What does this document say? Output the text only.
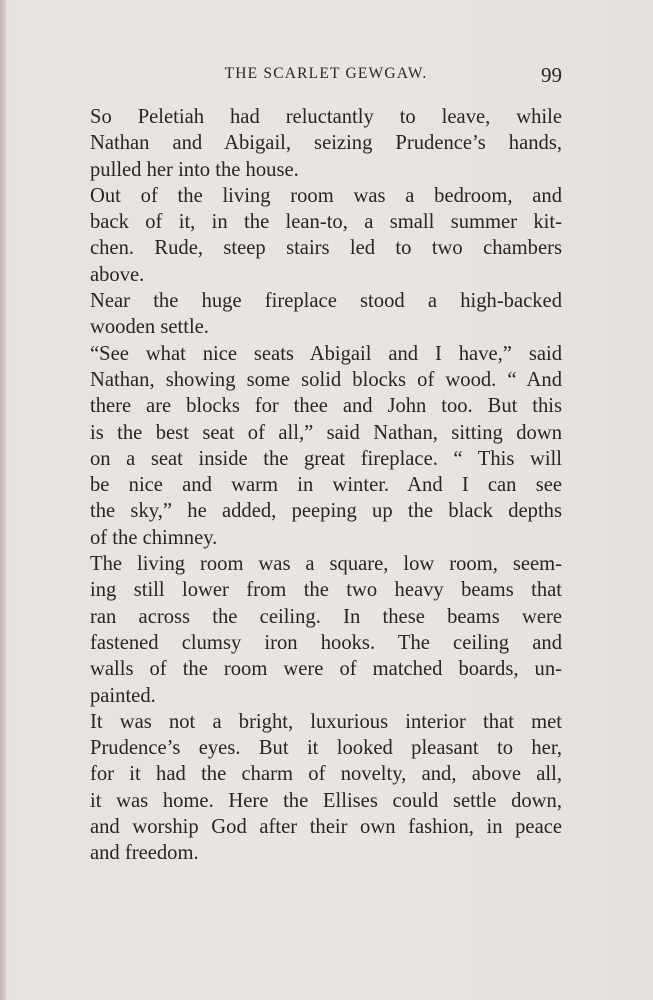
THE SCARLET GEWGAW.	99
So Peletiah had reluctantly to leave, while
Nathan and Abigail, seizing Prudence’s hands,
pulled her into the house.
Out of the living room was a bedroom, and
back of it, in the lean-to, a small summer kit-
chen. Rude, steep stairs led to two chambers
above.
Near the huge fireplace stood a high-backed
wooden settle.
“See what nice seats Abigail and I have,” said
Nathan, showing some solid blocks of wood. “ And
there are blocks for thee and John too. But this
is the best seat of all,” said Nathan, sitting down
on a seat inside the great fireplace. “ This will
be nice and warm in winter. And I can see
the sky,” he added, peeping up the black depths
of the chimney.
The living room was a square, low room, seem-
ing still lower from the two heavy beams that
ran across the ceiling. In these beams were
fastened clumsy iron hooks. The ceiling and
walls of the room were of matched boards, un-
painted.
It was not a bright, luxurious interior that met
Prudence’s eyes. But it looked pleasant to her,
for it had the charm of novelty, and, above all,
it was home. Here the Ellises could settle down,
and worship God after their own fashion, in peace
and freedom.
